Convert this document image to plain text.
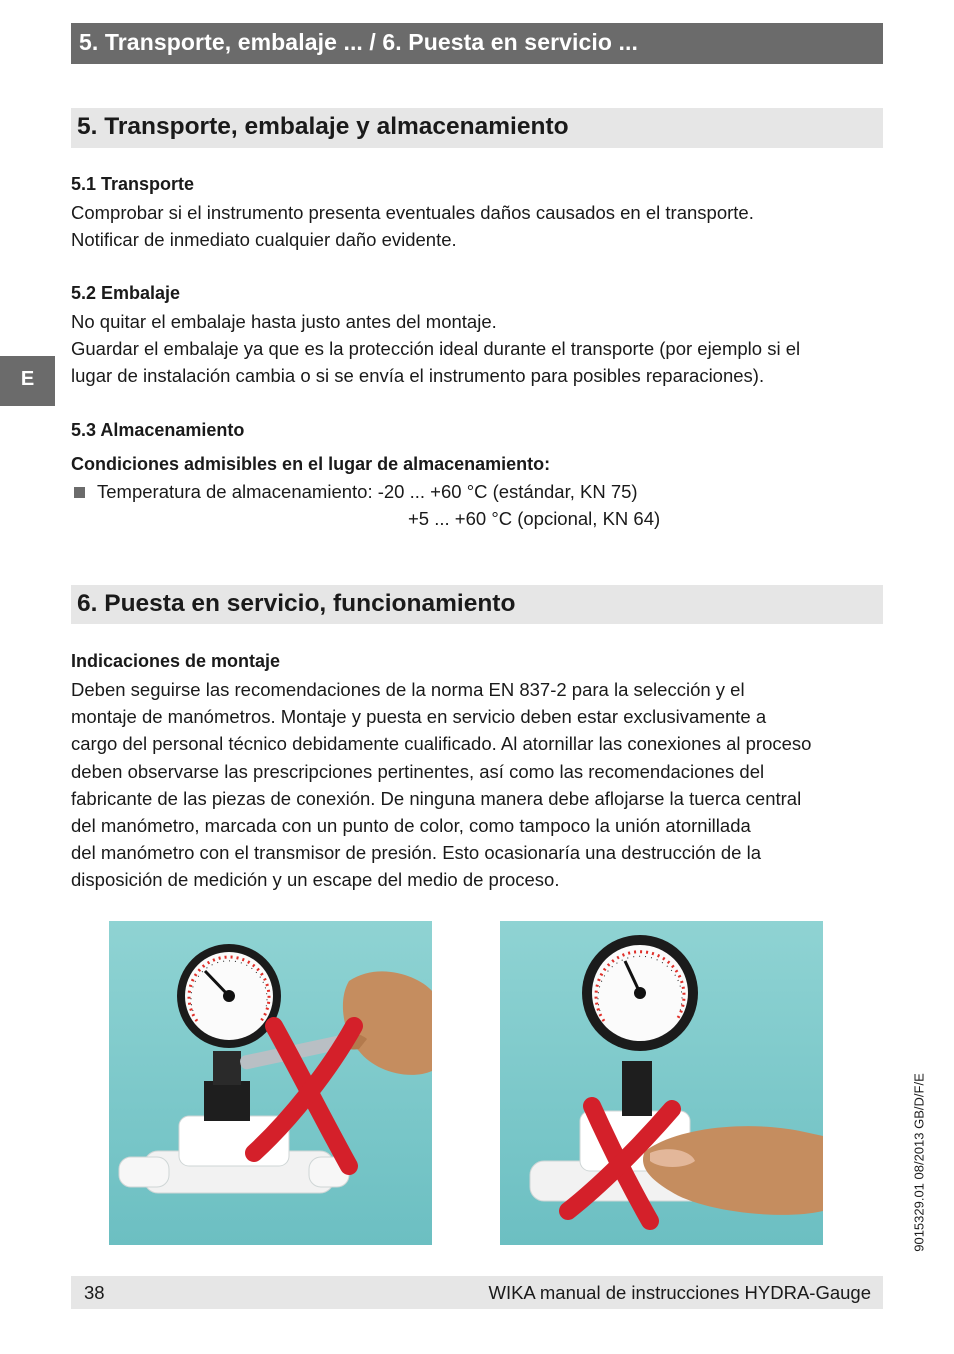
5. Transporte, embalaje ... / 6. Puesta en servicio ...
E
5. Transporte, embalaje y almacenamiento
5.1 Transporte
Comprobar si el instrumento presenta eventuales daños causados en el transporte.
Notificar de inmediato cualquier daño evidente.
5.2 Embalaje
No quitar el embalaje hasta justo antes del montaje.
Guardar el embalaje ya que es la protección ideal durante el transporte (por ejemplo si el
lugar de instalación cambia o si se envía el instrumento para posibles reparaciones).
5.3 Almacenamiento
Condiciones admisibles en el lugar de almacenamiento:
Temperatura de almacenamiento: -20 ... +60 °C (estándar, KN 75)
+5 ... +60 °C (opcional, KN 64)
6. Puesta en servicio, funcionamiento
Indicaciones de montaje
Deben seguirse las recomendaciones de la norma EN 837-2 para la selección y el
montaje de manómetros. Montaje y puesta en servicio deben estar exclusivamente a
cargo del personal técnico debidamente cualificado. Al atornillar las conexiones al proceso
deben observarse las prescripciones pertinentes, así como las recomendaciones del
fabricante de las piezas de conexión. De ninguna manera debe aflojarse la tuerca central
del manómetro, marcada con un punto de color, como tampoco la unión atornillada
del manómetro con el transmisor de presión. Esto ocasionaría una destrucción de la
disposición de medición y un escape del medio de proceso.
9015329.01 08/2013 GB/D/F/E
38	WIKA manual de instrucciones HYDRA-Gauge
